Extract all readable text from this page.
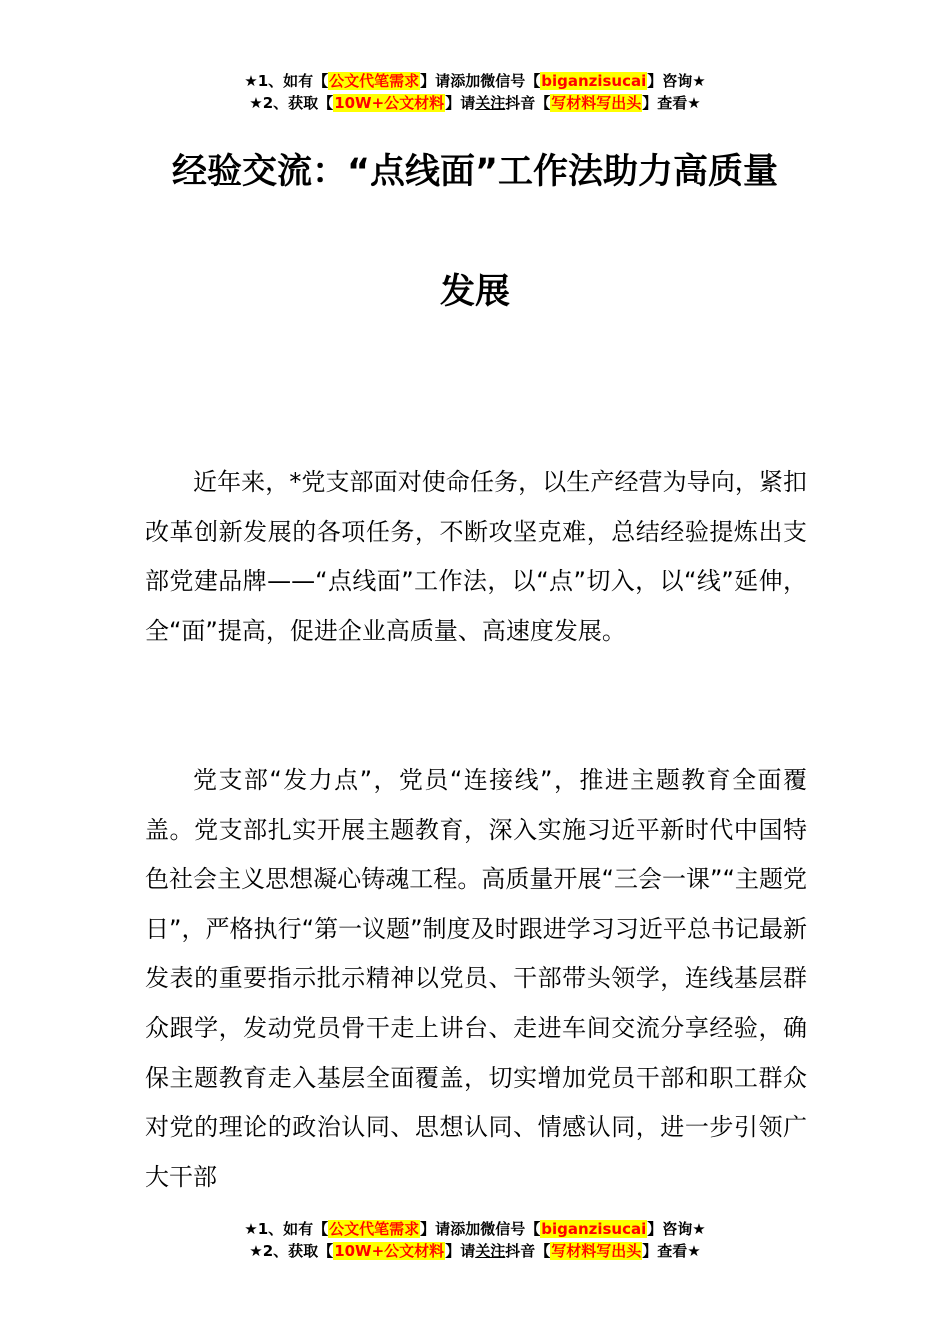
★1、如有【公文代笔需求】请添加微信号【biganzisucai】咨询★
★2、获取【10W+公文材料】请关注抖音【写材料写出头】查看★
经验交流：“点线面”工作法助力高质量
发展

近年来，*党支部面对使命任务，以生产经营为导向，紧扣改革创新发展的各项任务，不断攻坚克难，总结经验提炼出支部党建品牌——“点线面”工作法，以“点”切入，以“线”延伸，全“面”提高，促进企业高质量、高速度发展。

党支部“发力点”，党员“连接线”，推进主题教育全面覆盖。党支部扎实开展主题教育，深入实施习近平新时代中国特色社会主义思想凝心铸魂工程。高质量开展“三会一课”“主题党日”，严格执行“第一议题”制度及时跟进学习习近平总书记最新发表的重要指示批示精神以党员、干部带头领学，连线基层群众跟学，发动党员骨干走上讲台、走进车间交流分享经验，确保主题教育走入基层全面覆盖，切实增加党员干部和职工群众对党的理论的政治认同、思想认同、情感认同，进一步引领广大干部

★1、如有【公文代笔需求】请添加微信号【biganzisucai】咨询★
★2、获取【10W+公文材料】请关注抖音【写材料写出头】查看★
